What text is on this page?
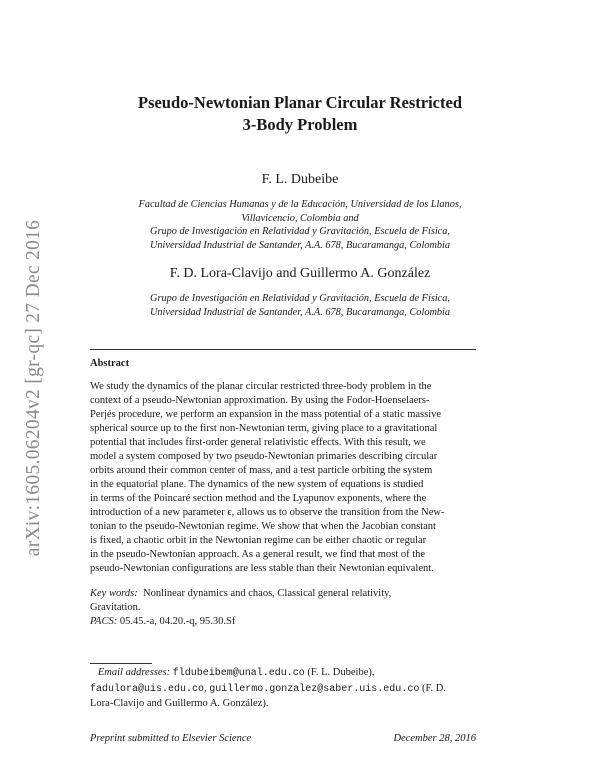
arXiv:1605.06204v2 [gr-qc] 27 Dec 2016
Pseudo-Newtonian Planar Circular Restricted
3-Body Problem
F. L. Dubeibe
Facultad de Ciencias Humanas y de la Educación, Universidad de los Llanos,
Villavicencio, Colombia and
Grupo de Investigación en Relatividad y Gravitación, Escuela de Física,
Universidad Industrial de Santander, A.A. 678, Bucaramanga, Colombia
F. D. Lora-Clavijo and Guillermo A. González
Grupo de Investigación en Relatividad y Gravitación, Escuela de Física,
Universidad Industrial de Santander, A.A. 678, Bucaramanga, Colombia
Abstract
We study the dynamics of the planar circular restricted three-body problem in the
context of a pseudo-Newtonian approximation. By using the Fodor-Hoenselaers-
Perjés procedure, we perform an expansion in the mass potential of a static massive
spherical source up to the first non-Newtonian term, giving place to a gravitational
potential that includes first-order general relativistic effects. With this result, we
model a system composed by two pseudo-Newtonian primaries describing circular
orbits around their common center of mass, and a test particle orbiting the system
in the equatorial plane. The dynamics of the new system of equations is studied
in terms of the Poincaré section method and the Lyapunov exponents, where the
introduction of a new parameter ϵ, allows us to observe the transition from the New-
tonian to the pseudo-Newtonian regime. We show that when the Jacobian constant
is fixed, a chaotic orbit in the Newtonian regime can be either chaotic or regular
in the pseudo-Newtonian approach. As a general result, we find that most of the
pseudo-Newtonian configurations are less stable than their Newtonian equivalent.
Key words: Nonlinear dynamics and chaos, Classical general relativity,
Gravitation.
PACS: 05.45.-a, 04.20.-q, 95.30.Sf
Email addresses: fldubeibem@unal.edu.co (F. L. Dubeibe),
fadulora@uis.edu.co, guillermo.gonzalez@saber.uis.edu.co (F. D.
Lora-Clavijo and Guillermo A. González).
Preprint submitted to Elsevier Science	December 28, 2016
